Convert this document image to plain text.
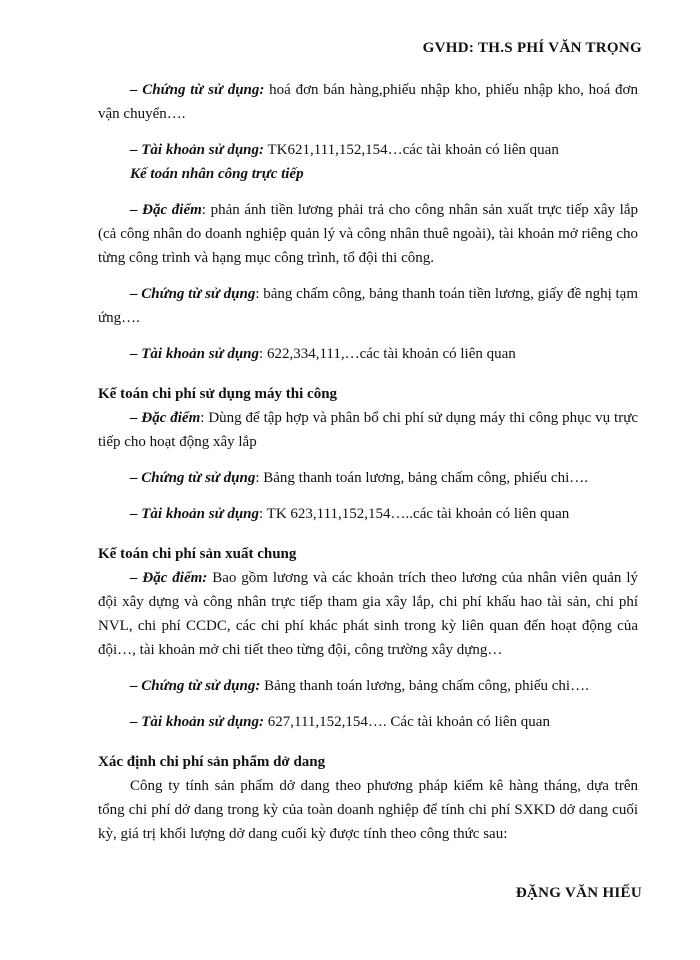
GVHD: TH.S PHÍ VĂN TRỌNG

– Chứng từ sử dụng: hoá đơn bán hàng,phiếu nhập kho, phiếu nhập kho, hoá đơn vận chuyển….

– Tài khoản sử dụng: TK621,111,152,154…các tài khoản có liên quan

Kế toán nhân công trực tiếp

– Đặc điểm: phản ánh tiền lương phải trả cho công nhân sản xuất trực tiếp xây lắp (cả công nhân do doanh nghiệp quản lý và công nhân thuê ngoài), tài khoản mở riêng cho từng công trình và hạng mục công trình, tổ đội thi công.

– Chứng từ sử dụng: bảng chấm công, bảng thanh toán tiền lương, giấy đề nghị tạm ứng….

– Tài khoản sử dụng: 622,334,111,…các tài khoản có liên quan

Kế toán chi phí sử dụng máy thi công

– Đặc điểm: Dùng để tập hợp và phân bổ chi phí sử dụng máy thi công phục vụ trực tiếp cho hoạt động xây lắp

– Chứng từ sử dụng: Bảng thanh toán lương, bảng chấm công, phiếu chi….

– Tài khoản sử dụng: TK 623,111,152,154…..các tài khoản có liên quan

Kế toán chi phí sản xuất chung

– Đặc điểm: Bao gồm lương và các khoản trích theo lương của nhân viên quản lý đội xây dựng và công nhân trực tiếp tham gia xây lắp, chi phí khấu hao tài sản, chi phí NVL, chi phí CCDC, các chi phí khác phát sinh trong kỳ liên quan đến hoạt động của đội…, tài khoản mở chi tiết theo từng đội, công trường xây dựng…

– Chứng từ sử dụng: Bảng thanh toán lương, bảng chấm công, phiếu chi….

– Tài khoản sử dụng: 627,111,152,154…. Các tài khoản có liên quan

Xác định chi phí sản phẩm dở dang

Công ty tính sản phẩm dở dang theo phương pháp kiểm kê hàng tháng, dựa trên tổng chi phí dở dang trong kỳ của toàn doanh nghiệp để tính chi phí SXKD dở dang cuối kỳ, giá trị khối lượng dở dang cuối kỳ được tính theo công thức sau:

ĐẶNG VĂN HIẾU
